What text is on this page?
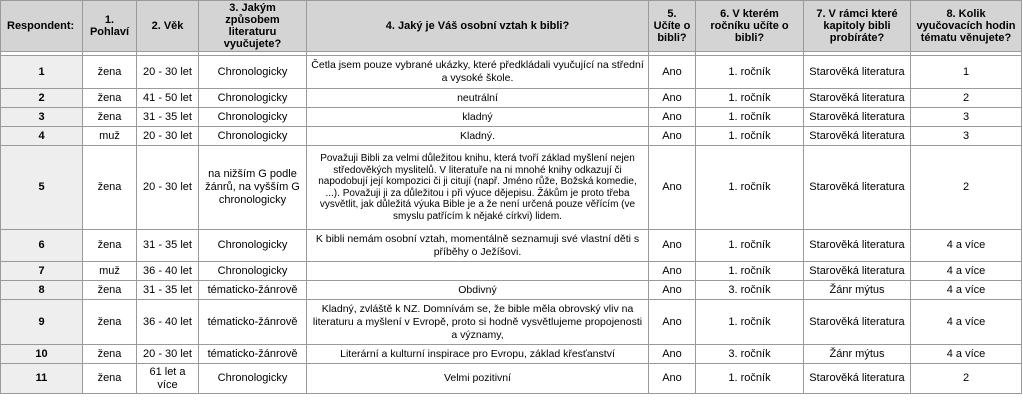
Respondent:	1. Pohlaví	2. Věk	3. Jakým způsobem literaturu vyučujete?	4. Jaký je Váš osobní vztah k bibli?	5. Učíte o bibli?	6. V kterém ročníku učíte o bibli?	7. V rámci které kapitoly bibli probíráte?	8. Kolik vyučovacích hodin tématu věnujete?

1	žena	20 - 30 let	Chronologicky	Četla jsem pouze vybrané ukázky, které předkládali vyučující na střední a vysoké škole.	Ano	1. ročník	Starověká literatura	1
2	žena	41 - 50 let	Chronologicky	neutrální	Ano	1. ročník	Starověká literatura	2
3	žena	31 - 35 let	Chronologicky	kladný	Ano	1. ročník	Starověká literatura	3
4	muž	20 - 30 let	Chronologicky	Kladný.	Ano	1. ročník	Starověká literatura	3
5	žena	20 - 30 let	na nižším G podle žánrů, na vyšším G chronologicky	Považuji Bibli za velmi důležitou knihu, která tvoří základ myšlení nejen středověkých myslitelů. V literatuře na ni mnohé knihy odkazují či napodobují její kompozici či ji citují (např. Jméno růže, Božská komedie, ...). Považuji ji za důležitou i při výuce dějepisu. Žákům je proto třeba vysvětlit, jak důležitá výuka Bible je a že není určená pouze věřícím (ve smyslu patřícím k nějaké církvi) lidem.	Ano	1. ročník	Starověká literatura	2
6	žena	31 - 35 let	Chronologicky	K bibli nemám osobní vztah, momentálně seznamuji své vlastní děti s příběhy o Ježíšovi.	Ano	1. ročník	Starověká literatura	4 a více
7	muž	36 - 40 let	Chronologicky		Ano	1. ročník	Starověká literatura	4 a více
8	žena	31 - 35 let	tématicko-žánrově	Obdivný	Ano	3. ročník	Žánr mýtus	4 a více
9	žena	36 - 40 let	tématicko-žánrově	Kladný, zvláště k NZ. Domnívám se, že bible měla obrovský vliv na literaturu a myšlení v Evropě, proto si hodně vysvětlujeme propojenosti a významy,	Ano	1. ročník	Starověká literatura	4 a více
10	žena	20 - 30 let	tématicko-žánrově	Literární a kulturní inspirace pro Evropu, základ křesťanství	Ano	3. ročník	Žánr mýtus	4 a více
11	žena	61 let a více	Chronologicky	Velmi pozitivní	Ano	1. ročník	Starověká literatura	2
